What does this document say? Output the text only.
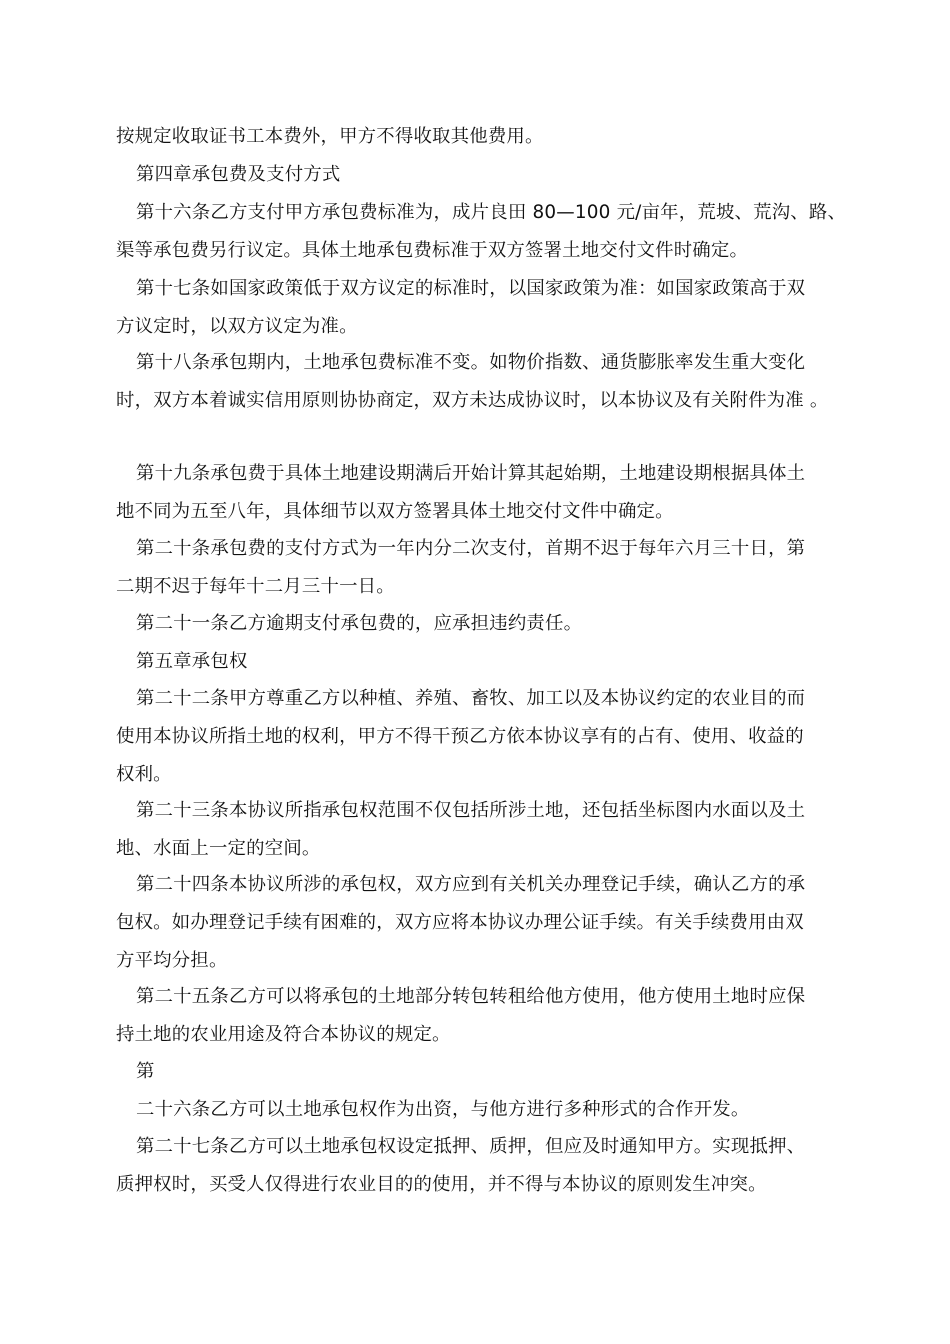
按规定收取证书工本费外，甲方不得收取其他费用。
第四章承包费及支付方式
第十六条乙方支付甲方承包费标准为，成片良田 80—100 元/亩年，荒坡、荒沟、路、
渠等承包费另行议定。具体土地承包费标准于双方签署土地交付文件时确定。
第十七条如国家政策低于双方议定的标准时，以国家政策为准：如国家政策高于双
方议定时，以双方议定为准。
第十八条承包期内，土地承包费标准不变。如物价指数、通货膨胀率发生重大变化
时，双方本着诚实信用原则协协商定，双方未达成协议时，以本协议及有关附件为准 。
第十九条承包费于具体土地建设期满后开始计算其起始期，土地建设期根据具体土
地不同为五至八年，具体细节以双方签署具体土地交付文件中确定。
第二十条承包费的支付方式为一年内分二次支付，首期不迟于每年六月三十日，第
二期不迟于每年十二月三十一日。
第二十一条乙方逾期支付承包费的，应承担违约责任。
第五章承包权
第二十二条甲方尊重乙方以种植、养殖、畜牧、加工以及本协议约定的农业目的而
使用本协议所指土地的权利，甲方不得干预乙方依本协议享有的占有、使用、收益的
权利。
第二十三条本协议所指承包权范围不仅包括所涉土地，还包括坐标图内水面以及土
地、水面上一定的空间。
第二十四条本协议所涉的承包权，双方应到有关机关办理登记手续，确认乙方的承
包权。如办理登记手续有困难的，双方应将本协议办理公证手续。有关手续费用由双
方平均分担。
第二十五条乙方可以将承包的土地部分转包转租给他方使用，他方使用土地时应保
持土地的农业用途及符合本协议的规定。
第
二十六条乙方可以土地承包权作为出资，与他方进行多种形式的合作开发。
第二十七条乙方可以土地承包权设定抵押、质押，但应及时通知甲方。实现抵押、
质押权时，买受人仅得进行农业目的的使用，并不得与本协议的原则发生冲突。
